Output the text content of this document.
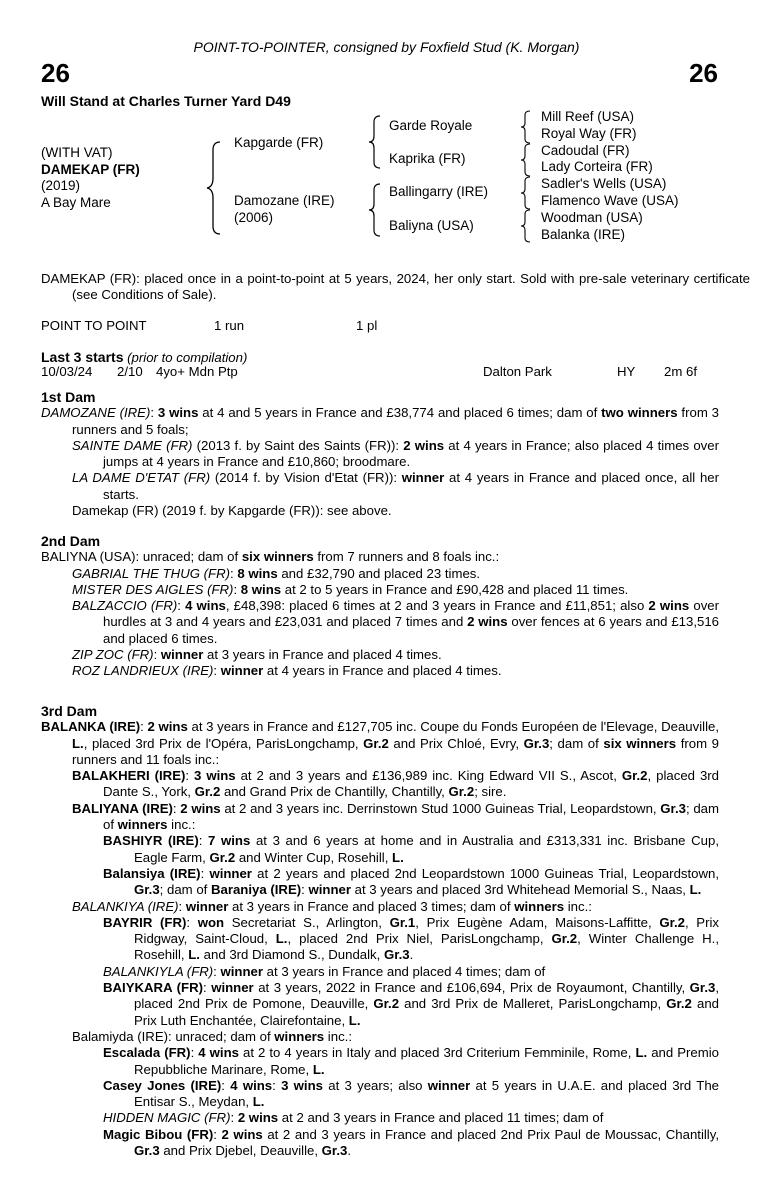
POINT-TO-POINTER, consigned by Foxfield Stud (K. Morgan)
26	26
Will Stand at Charles Turner Yard D49
(WITH VAT)
DAMEKAP (FR)
(2019)
A Bay Mare
Kapgarde (FR)
Damozane (IRE)
(2006)
Garde Royale
Kaprika (FR)
Ballingarry (IRE)
Baliyna (USA)
Mill Reef (USA)
Royal Way (FR)
Cadoudal (FR)
Lady Corteira (FR)
Sadler's Wells (USA)
Flamenco Wave (USA)
Woodman (USA)
Balanka (IRE)
DAMEKAP (FR): placed once in a point-to-point at 5 years, 2024, her only start. Sold with pre-sale veterinary certificate (see Conditions of Sale).
POINT TO POINT	1 run	1 pl
Last 3 starts (prior to compilation)
10/03/24 2/10 4yo+ Mdn Ptp	Dalton Park	HY 2m 6f
1st Dam
DAMOZANE (IRE): 3 wins at 4 and 5 years in France and £38,774 and placed 6 times; dam of two winners from 3 runners and 5 foals;
SAINTE DAME (FR) (2013 f. by Saint des Saints (FR)): 2 wins at 4 years in France; also placed 4 times over jumps at 4 years in France and £10,860; broodmare.
LA DAME D'ETAT (FR) (2014 f. by Vision d'Etat (FR)): winner at 4 years in France and placed once, all her starts.
Damekap (FR) (2019 f. by Kapgarde (FR)): see above.
2nd Dam
BALIYNA (USA): unraced; dam of six winners from 7 runners and 8 foals inc.:
GABRIAL THE THUG (FR): 8 wins and £32,790 and placed 23 times.
MISTER DES AIGLES (FR): 8 wins at 2 to 5 years in France and £90,428 and placed 11 times.
BALZACCIO (FR): 4 wins, £48,398: placed 6 times at 2 and 3 years in France and £11,851; also 2 wins over hurdles at 3 and 4 years and £23,031 and placed 7 times and 2 wins over fences at 6 years and £13,516 and placed 6 times.
ZIP ZOC (FR): winner at 3 years in France and placed 4 times.
ROZ LANDRIEUX (IRE): winner at 4 years in France and placed 4 times.
3rd Dam
BALANKA (IRE): 2 wins at 3 years in France and £127,705 inc. Coupe du Fonds Européen de l'Elevage, Deauville, L., placed 3rd Prix de l'Opéra, ParisLongchamp, Gr.2 and Prix Chloé, Evry, Gr.3; dam of six winners from 9 runners and 11 foals inc.:
BALAKHERI (IRE): 3 wins at 2 and 3 years and £136,989 inc. King Edward VII S., Ascot, Gr.2, placed 3rd Dante S., York, Gr.2 and Grand Prix de Chantilly, Chantilly, Gr.2; sire.
BALIYANA (IRE): 2 wins at 2 and 3 years inc. Derrinstown Stud 1000 Guineas Trial, Leopardstown, Gr.3; dam of winners inc.:
BASHIYR (IRE): 7 wins at 3 and 6 years at home and in Australia and £313,331 inc. Brisbane Cup, Eagle Farm, Gr.2 and Winter Cup, Rosehill, L.
Balansiya (IRE): winner at 2 years and placed 2nd Leopardstown 1000 Guineas Trial, Leopardstown, Gr.3; dam of Baraniya (IRE): winner at 3 years and placed 3rd Whitehead Memorial S., Naas, L.
BALANKIYA (IRE): winner at 3 years in France and placed 3 times; dam of winners inc.:
BAYRIR (FR): won Secretariat S., Arlington, Gr.1, Prix Eugène Adam, Maisons-Laffitte, Gr.2, Prix Ridgway, Saint-Cloud, L., placed 2nd Prix Niel, ParisLongchamp, Gr.2, Winter Challenge H., Rosehill, L. and 3rd Diamond S., Dundalk, Gr.3.
BALANKIYLA (FR): winner at 3 years in France and placed 4 times; dam of
BAIYKARA (FR): winner at 3 years, 2022 in France and £106,694, Prix de Royaumont, Chantilly, Gr.3, placed 2nd Prix de Pomone, Deauville, Gr.2 and 3rd Prix de Malleret, ParisLongchamp, Gr.2 and Prix Luth Enchantée, Clairefontaine, L.
Balamiyda (IRE): unraced; dam of winners inc.:
Escalada (FR): 4 wins at 2 to 4 years in Italy and placed 3rd Criterium Femminile, Rome, L. and Premio Repubbliche Marinare, Rome, L.
Casey Jones (IRE): 4 wins: 3 wins at 3 years; also winner at 5 years in U.A.E. and placed 3rd The Entisar S., Meydan, L.
HIDDEN MAGIC (FR): 2 wins at 2 and 3 years in France and placed 11 times; dam of
Magic Bibou (FR): 2 wins at 2 and 3 years in France and placed 2nd Prix Paul de Moussac, Chantilly, Gr.3 and Prix Djebel, Deauville, Gr.3.
